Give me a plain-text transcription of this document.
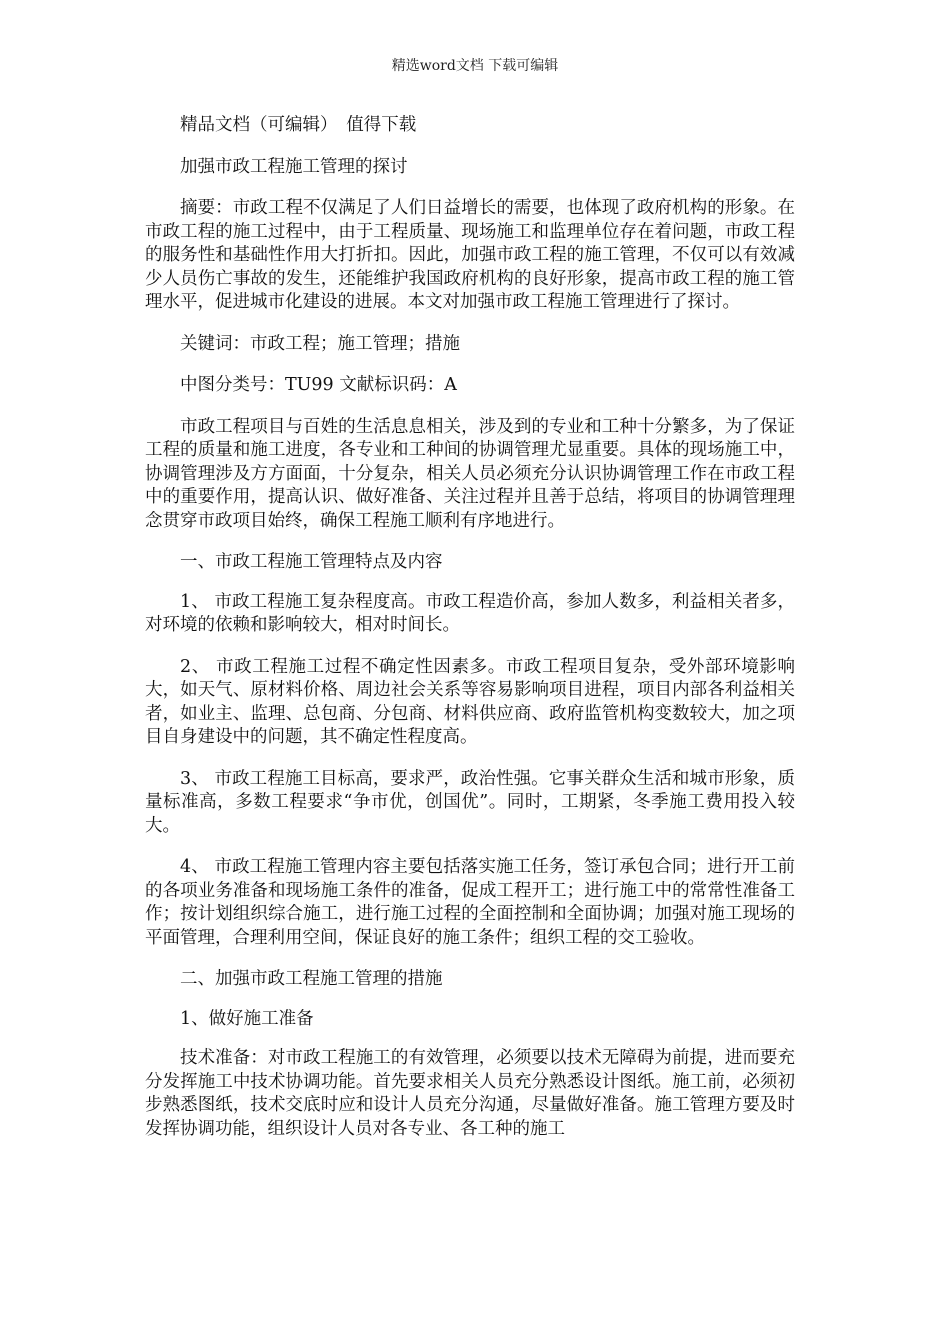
精选word文档 下载可编辑

精品文档（可编辑）　值得下载

加强市政工程施工管理的探讨

摘要：市政工程不仅满足了人们日益增长的需要，也体现了政府机构的形象。在市政工程的施工过程中，由于工程质量、现场施工和监理单位存在着问题，市政工程的服务性和基础性作用大打折扣。因此，加强市政工程的施工管理，不仅可以有效减少人员伤亡事故的发生，还能维护我国政府机构的良好形象，提高市政工程的施工管理水平，促进城市化建设的进展。本文对加强市政工程施工管理进行了探讨。

关键词：市政工程；施工管理；措施

中图分类号：TU99 文献标识码：A

市政工程项目与百姓的生活息息相关，涉及到的专业和工种十分繁多，为了保证工程的质量和施工进度，各专业和工种间的协调管理尤显重要。具体的现场施工中，协调管理涉及方方面面，十分复杂，相关人员必须充分认识协调管理工作在市政工程中的重要作用，提高认识、做好准备、关注过程并且善于总结，将项目的协调管理理念贯穿市政项目始终，确保工程施工顺利有序地进行。

一、市政工程施工管理特点及内容

1、 市政工程施工复杂程度高。市政工程造价高，参加人数多，利益相关者多，对环境的依赖和影响较大，相对时间长。

2、 市政工程施工过程不确定性因素多。市政工程项目复杂，受外部环境影响大，如天气、原材料价格、周边社会关系等容易影响项目进程，项目内部各利益相关者，如业主、监理、总包商、分包商、材料供应商、政府监管机构变数较大，加之项目自身建设中的问题，其不确定性程度高。

3、 市政工程施工目标高，要求严，政治性强。它事关群众生活和城市形象，质量标准高，多数工程要求“争市优，创国优”。同时，工期紧，冬季施工费用投入较大。

4、 市政工程施工管理内容主要包括落实施工任务，签订承包合同；进行开工前的各项业务准备和现场施工条件的准备，促成工程开工；进行施工中的常常性准备工作；按计划组织综合施工，进行施工过程的全面控制和全面协调；加强对施工现场的平面管理，合理利用空间，保证良好的施工条件；组织工程的交工验收。

二、加强市政工程施工管理的措施

1、做好施工准备

技术准备：对市政工程施工的有效管理，必须要以技术无障碍为前提，进而要充分发挥施工中技术协调功能。首先要求相关人员充分熟悉设计图纸。施工前，必须初步熟悉图纸，技术交底时应和设计人员充分沟通，尽量做好准备。施工管理方要及时发挥协调功能，组织设计人员对各专业、各工种的施工
